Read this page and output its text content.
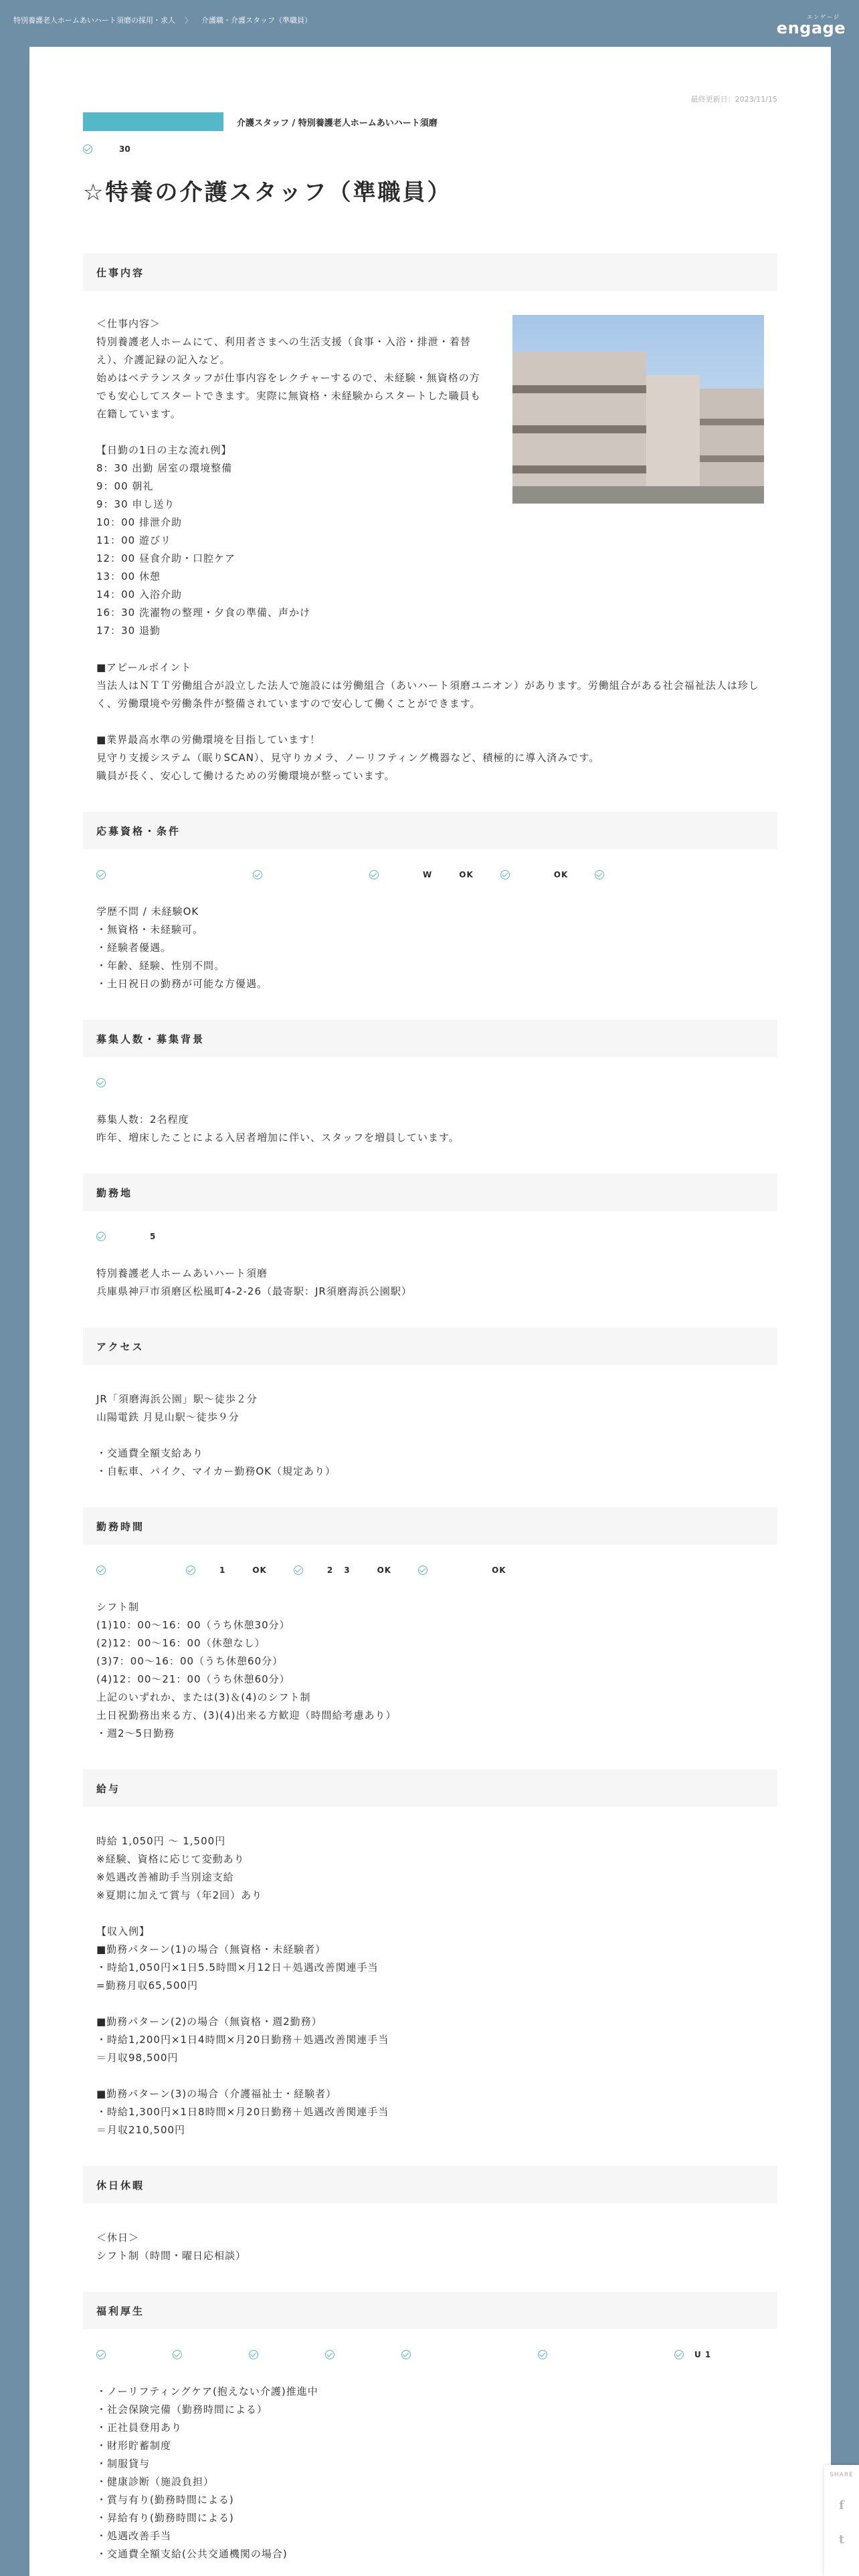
特別養護老人ホームあいハート須磨の採用・求人 〉 介護職・介護スタッフ（準職員）	エンゲージ
engage
最終更新日：2023/11/15
介護スタッフ / 特別養護老人ホームあいハート須磨
30
☆特養の介護スタッフ（準職員）
仕事内容
＜仕事内容＞
特別養護老人ホームにて、利用者さまへの生活支援（食事・入浴・排泄・着替え）、介護記録の記入など。
始めはベテランスタッフが仕事内容をレクチャーするので、未経験・無資格の方でも安心してスタートできます。実際に無資格・未経験からスタートした職員も在籍しています。

【日勤の1日の主な流れ例】
8：30 出勤 居室の環境整備
9：00 朝礼
9：30 申し送り
10：00 排泄介助
11：00 遊びリ
12：00 昼食介助・口腔ケア
13：00 休憩
14：00 入浴介助
16：30 洗濯物の整理・夕食の準備、声かけ
17：30 退勤
■アピールポイント
当法人はＮＴＴ労働組合が設立した法人で施設には労働組合（あいハート須磨ユニオン）があります。労働組合がある社会福祉法人は珍しく、労働環境や労働条件が整備されていますので安心して働くことができます。

■業界最高水準の労働環境を目指しています！
見守り支援システム（眠りSCAN）、見守りカメラ、ノーリフティング機器など、積極的に導入済みです。
職員が長く、安心して働けるための労働環境が整っています。
応募資格・条件
W	OK	OK
学歴不問 / 未経験OK
・無資格・未経験可。
・経験者優遇。
・年齢、経験、性別不問。
・土日祝日の勤務が可能な方優遇。
募集人数・募集背景
募集人数：2名程度
昨年、増床したことによる入居者増加に伴い、スタッフを増員しています。
勤務地
5
特別養護老人ホームあいハート須磨
兵庫県神戸市須磨区松風町4-2-26（最寄駅：JR須磨海浜公園駅）
アクセス
JR「須磨海浜公園」駅～徒歩２分
山陽電鉄 月見山駅～徒歩９分

・交通費全額支給あり
・自転車、バイク、マイカー勤務OK（規定あり）
勤務時間
1	OK	2 3	OK	OK
シフト制
(1)10：00〜16：00（うち休憩30分）
(2)12：00〜16：00（休憩なし）
(3)7：00〜16：00（うち休憩60分）
(4)12：00〜21：00（うち休憩60分）
上記のいずれか、または(3)＆(4)のシフト制
土日祝勤務出来る方、(3)(4)出来る方歓迎（時間給考慮あり）
・週2〜5日勤務
給与
時給 1,050円 〜 1,500円
※経験、資格に応じて変動あり
※処遇改善補助手当別途支給
※夏期に加えて賞与（年2回）あり

【収入例】
■勤務パターン(1)の場合（無資格・未経験者）
・時給1,050円×1日5.5時間×月12日＋処遇改善関連手当
=勤務月収65,500円

■勤務パターン(2)の場合（無資格・週2勤務）
・時給1,200円×1日4時間×月20日勤務＋処遇改善関連手当
＝月収98,500円

■勤務パターン(3)の場合（介護福祉士・経験者）
・時給1,300円×1日8時間×月20日勤務＋処遇改善関連手当
＝月収210,500円
休日休暇
＜休日＞
シフト制（時間・曜日応相談）
福利厚生
U 1
・ノーリフティングケア(抱えない介護)推進中
・社会保険完備（勤務時間による）
・正社員登用あり
・財形貯蓄制度
・制服貸与
・健康診断（施設負担）
・賞与有り(勤務時間による)
・昇給有り(勤務時間による)
・処遇改善手当
・交通費全額支給(公共交通機関の場合)
SHARE
f
t
